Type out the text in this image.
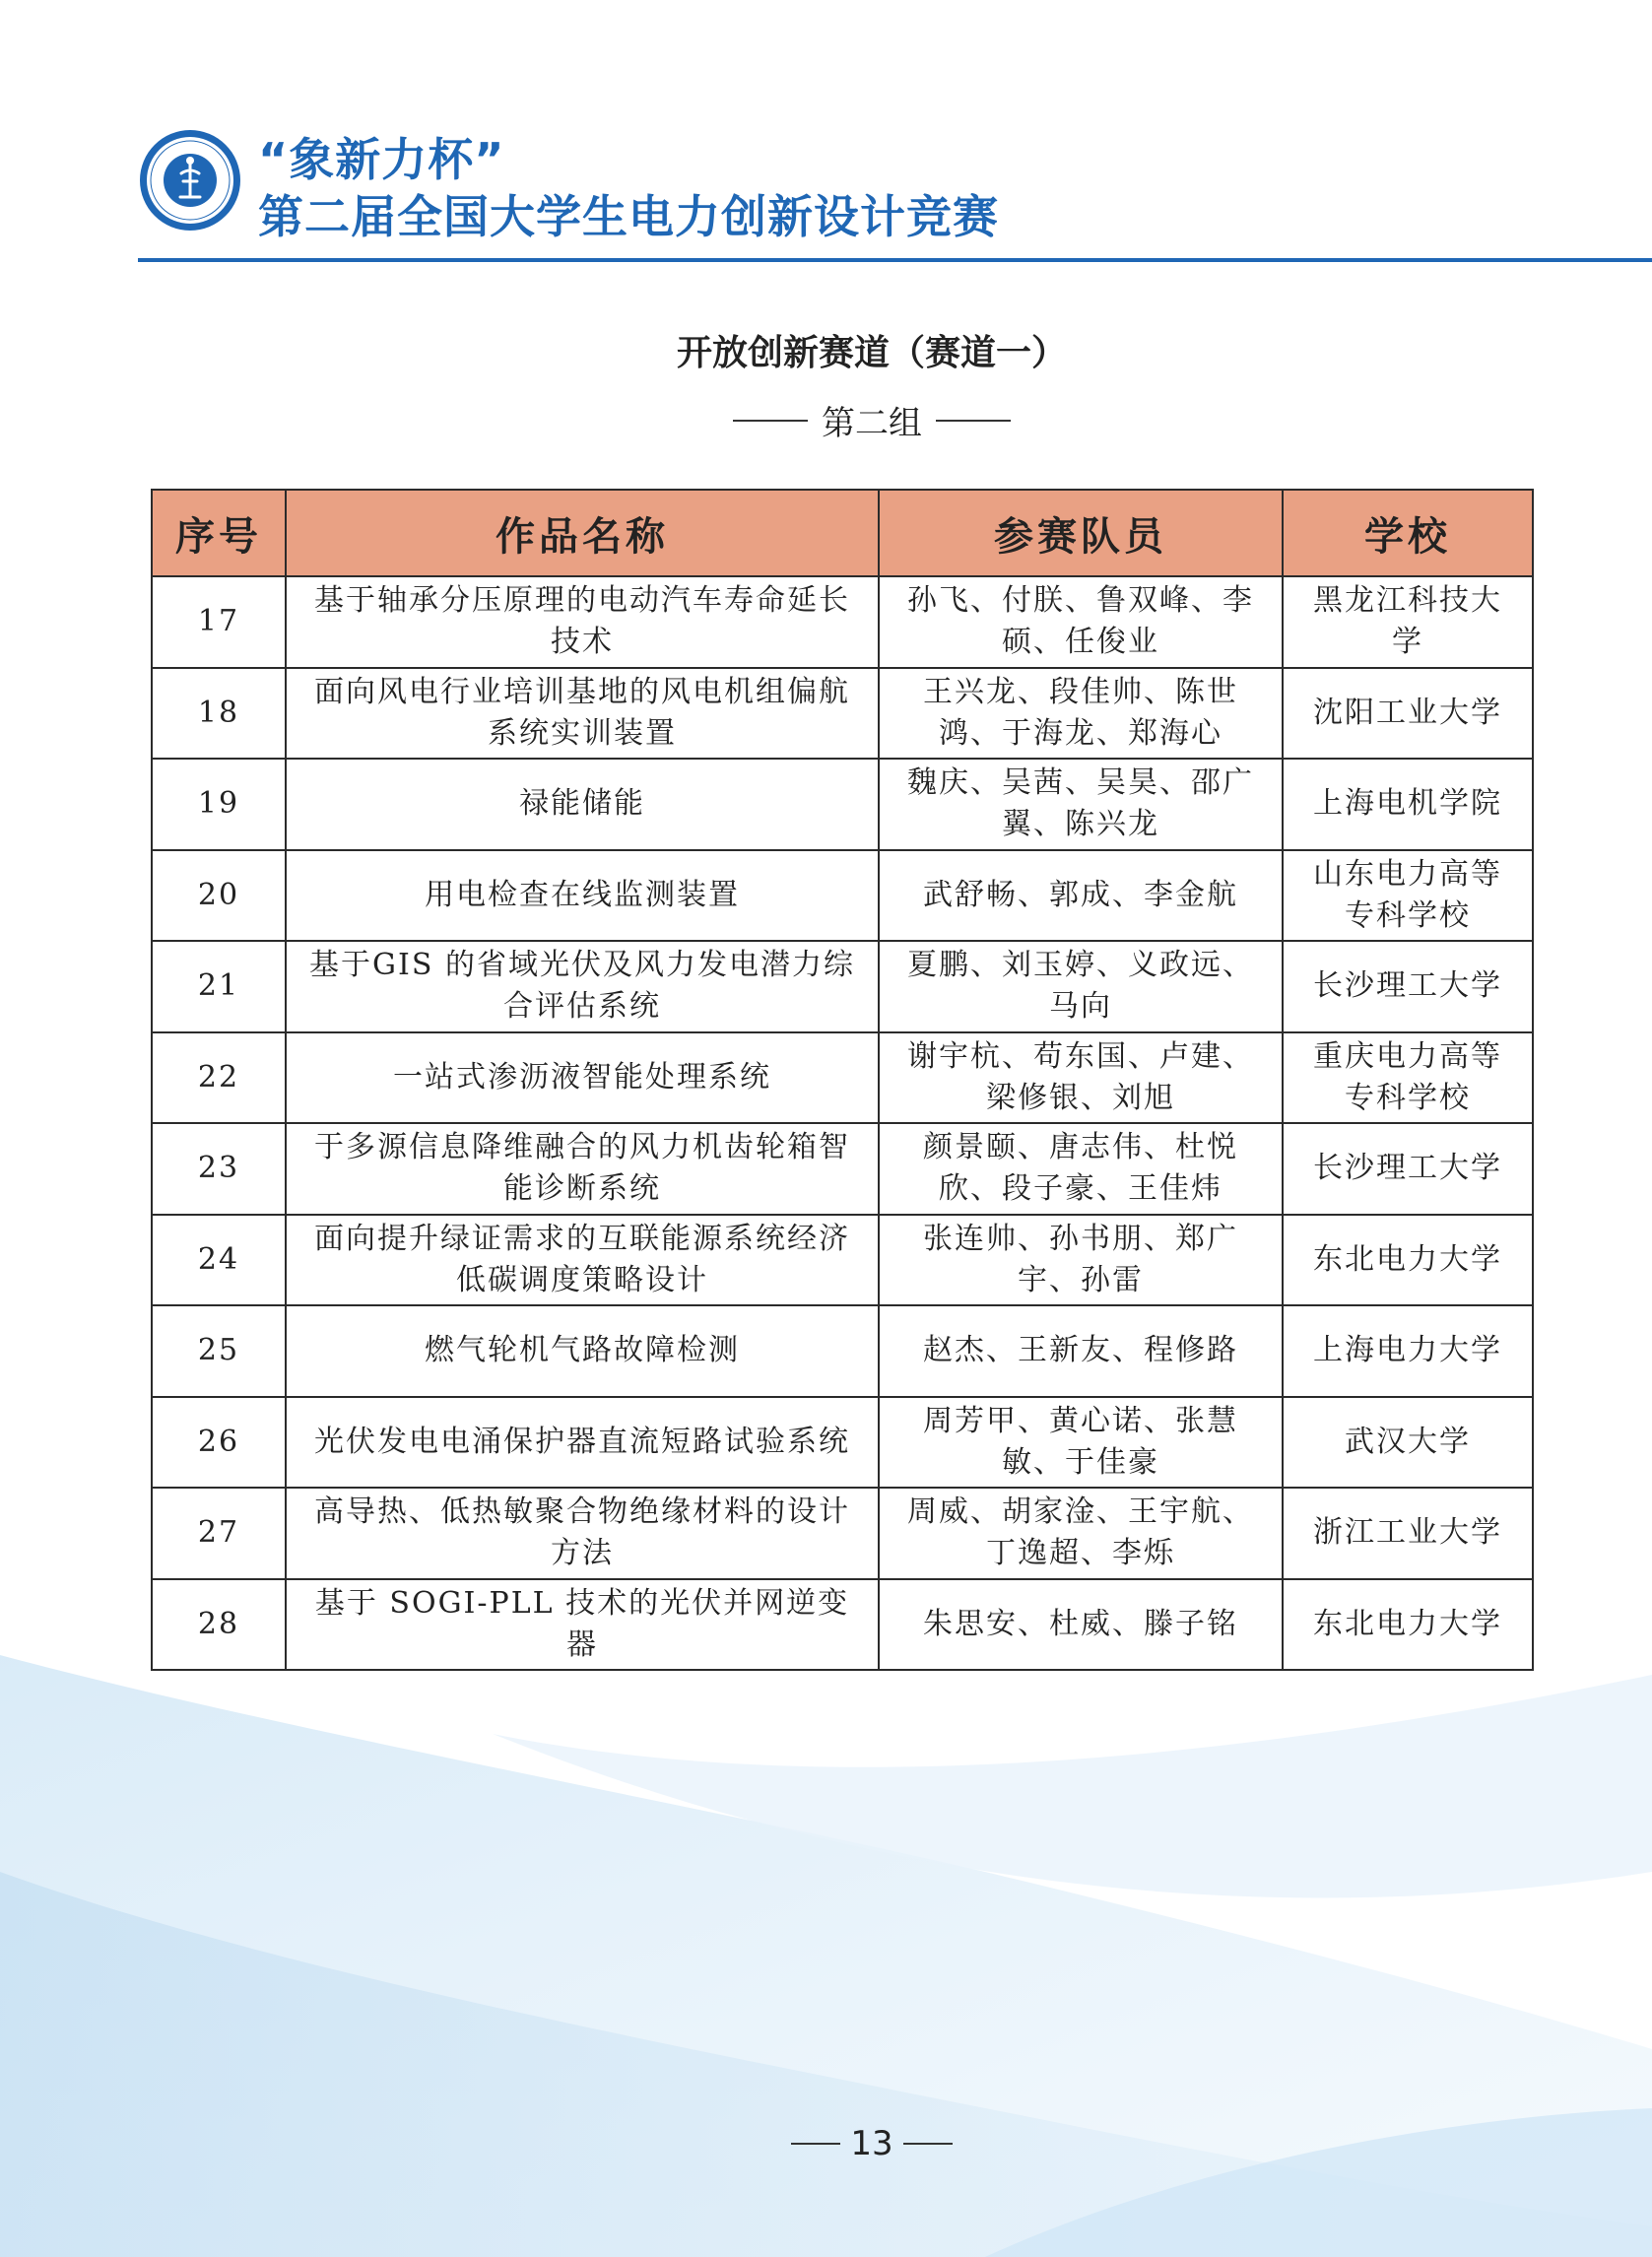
“象新力杯”
第二届全国大学生电力创新设计竞赛
开放创新赛道（赛道一）
第二组
序号	作品名称	参赛队员	学校
17	基于轴承分压原理的电动汽车寿命延长技术	孙飞、付朕、鲁双峰、李硕、任俊业	黑龙江科技大学
18	面向风电行业培训基地的风电机组偏航系统实训装置	王兴龙、段佳帅、陈世鸿、于海龙、郑海心	沈阳工业大学
19	禄能储能	魏庆、吴茜、吴昊、邵广翼、陈兴龙	上海电机学院
20	用电检查在线监测装置	武舒畅、郭成、李金航	山东电力高等专科学校
21	基于GIS 的省域光伏及风力发电潜力综合评估系统	夏鹏、刘玉婷、义政远、马向	长沙理工大学
22	一站式渗沥液智能处理系统	谢宇杭、苟东国、卢建、梁修银、刘旭	重庆电力高等专科学校
23	于多源信息降维融合的风力机齿轮箱智能诊断系统	颜景颐、唐志伟、杜悦欣、段子豪、王佳炜	长沙理工大学
24	面向提升绿证需求的互联能源系统经济低碳调度策略设计	张连帅、孙书朋、郑广宇、孙雷	东北电力大学
25	燃气轮机气路故障检测	赵杰、王新友、程修路	上海电力大学
26	光伏发电电涌保护器直流短路试验系统	周芳甲、黄心诺、张慧敏、于佳豪	武汉大学
27	高导热、低热敏聚合物绝缘材料的设计方法	周威、胡家淦、王宇航、丁逸超、李烁	浙江工业大学
28	基于 SOGI-PLL 技术的光伏并网逆变器	朱思安、杜威、滕子铭	东北电力大学
13
